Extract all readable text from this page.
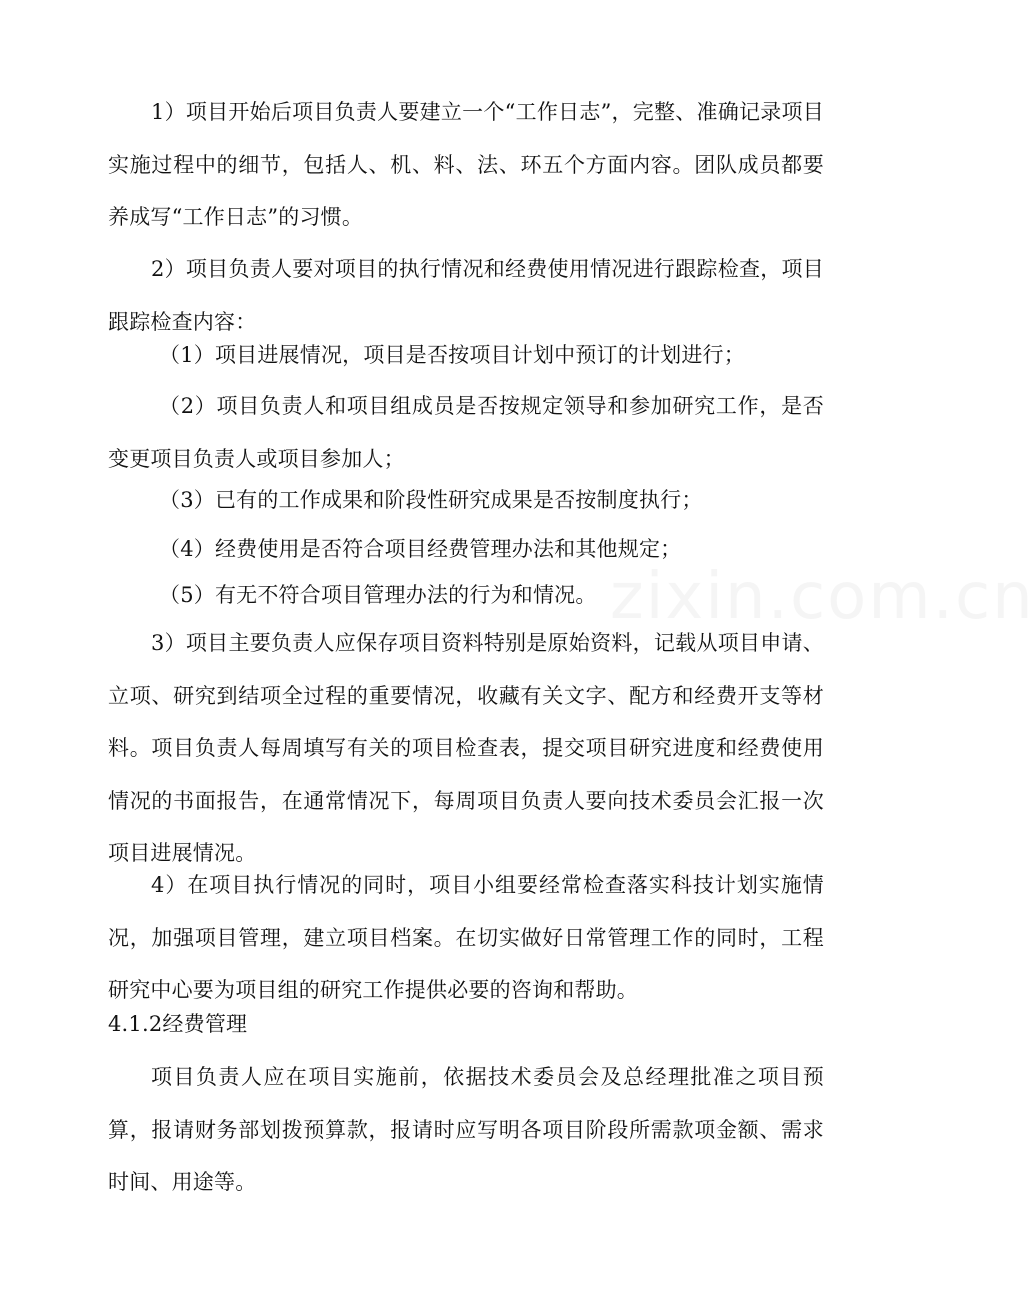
1）项目开始后项目负责人要建立一个“工作日志”，完整、准确记录项目实施过程中的细节，包括人、机、料、法、环五个方面内容。团队成员都要养成写“工作日志”的习惯。

2）项目负责人要对项目的执行情况和经费使用情况进行跟踪检查，项目跟踪检查内容：

（1）项目进展情况，项目是否按项目计划中预订的计划进行；

（2）项目负责人和项目组成员是否按规定领导和参加研究工作，是否变更项目负责人或项目参加人；

（3）已有的工作成果和阶段性研究成果是否按制度执行；

（4）经费使用是否符合项目经费管理办法和其他规定；

（5）有无不符合项目管理办法的行为和情况。

3）项目主要负责人应保存项目资料特别是原始资料，记载从项目申请、立项、研究到结项全过程的重要情况，收藏有关文字、配方和经费开支等材料。项目负责人每周填写有关的项目检查表，提交项目研究进度和经费使用情况的书面报告，在通常情况下，每周项目负责人要向技术委员会汇报一次项目进展情况。

4）在项目执行情况的同时，项目小组要经常检查落实科技计划实施情况，加强项目管理，建立项目档案。在切实做好日常管理工作的同时，工程研究中心要为项目组的研究工作提供必要的咨询和帮助。

4.1.2经费管理

项目负责人应在项目实施前，依据技术委员会及总经理批准之项目预算，报请财务部划拨预算款，报请时应写明各项目阶段所需款项金额、需求时间、用途等。

zixin.com.cn
